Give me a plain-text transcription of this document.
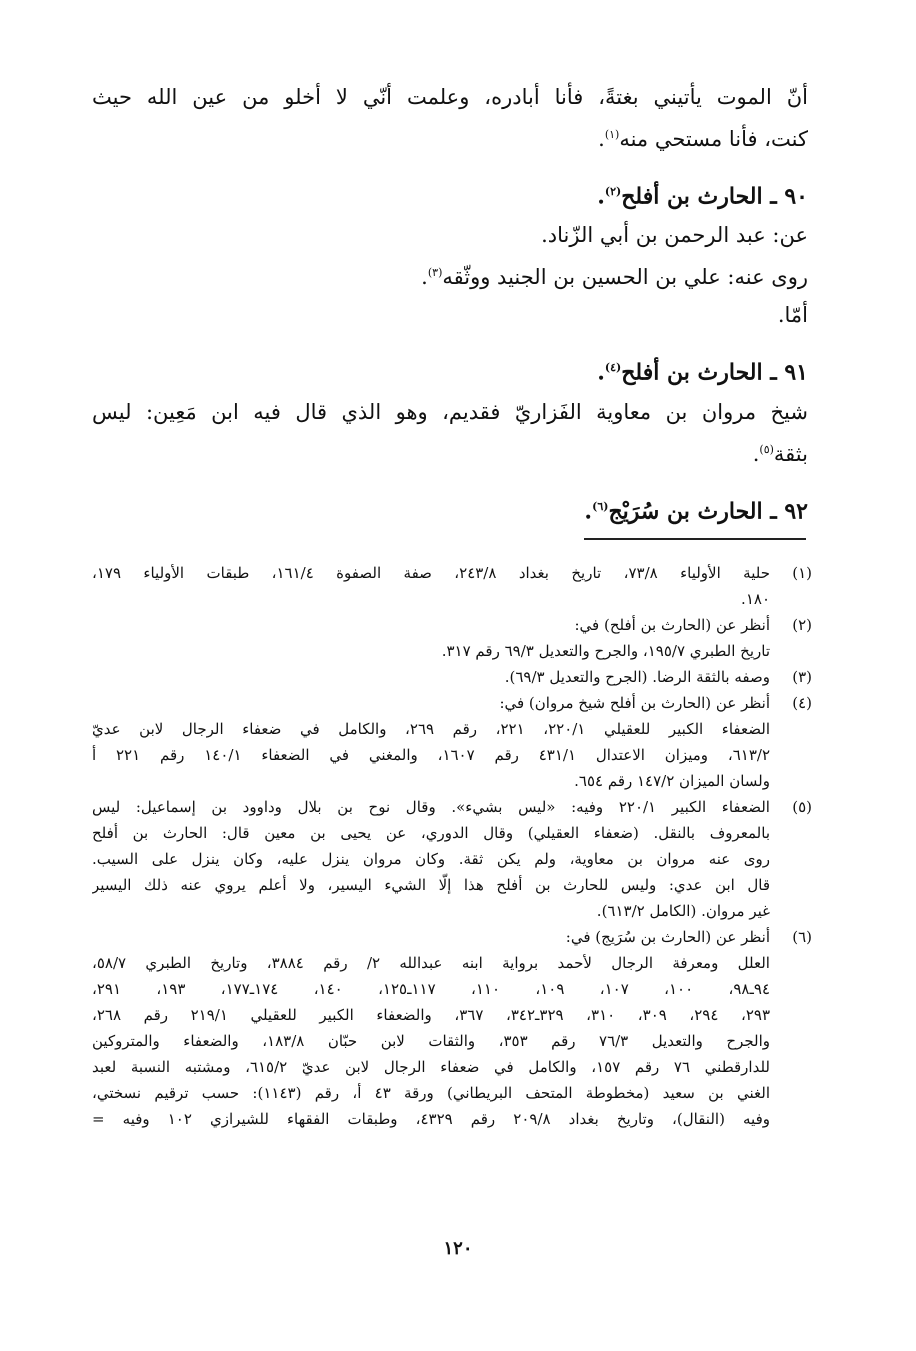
أنّ الموت يأتيني بغتةً، فأنا أبادره، وعلمت أنّي لا أخلو من عين الله حيث
كنت، فأنا مستحي منه$^{(١)}$.
٩٠ ـ الحارث بن أفلح$^{(٢)}$.
عن: عبد الرحمن بن أبي الزّناد.
روى عنه: علي بن الحسين بن الجنيد ووثّقه$^{(٣)}$.
أمّا.
٩١ ـ الحارث بن أفلح$^{(٤)}$.
شيخ مروان بن معاوية الفَزاريّ فقديم، وهو الذي قال فيه ابن مَعِين: ليس
بثقة$^{(٥)}$.
٩٢ ـ الحارث بن سُرَيْج$^{(٦)}$.
(١)
حلية الأولياء ٧٣/٨، تاريخ بغداد ٢٤٣/٨، صفة الصفوة ١٦١/٤، طبقات الأولياء ١٧٩،
١٨٠.
(٢)
أنظر عن (الحارث بن أفلح) في:
تاريخ الطبري ١٩٥/٧، والجرح والتعديل ٦٩/٣ رقم ٣١٧.
(٣)
وصفه بالثقة الرضا. (الجرح والتعديل ٦٩/٣).
(٤)
أنظر عن (الحارث بن أفلح شيخ مروان) في:
الضعفاء الكبير للعقيلي ٢٢٠/١، ٢٢١، رقم ٢٦٩، والكامل في ضعفاء الرجال لابن عديّ
٦١٣/٢، وميزان الاعتدال ٤٣١/١ رقم ١٦٠٧، والمغني في الضعفاء ١٤٠/١ رقم ٢٢١ أ
ولسان الميزان ١٤٧/٢ رقم ٦٥٤.
(٥)
الضعفاء الكبير ٢٢٠/١ وفيه: «ليس بشيء». وقال نوح بن بلال وداوود بن إسماعيل: ليس
بالمعروف بالنقل. (ضعفاء العقيلي) وقال الدوري، عن يحيى بن معين قال: الحارث بن أفلح
روى عنه مروان بن معاوية، ولم يكن ثقة. وكان مروان ينزل عليه، وكان ينزل على السيب.
قال ابن عدي: وليس للحارث بن أفلح هذا إلّا الشيء اليسير، ولا أعلم يروي عنه ذلك اليسير
غير مروان. (الكامل ٦١٣/٢).
(٦)
أنظر عن (الحارث بن سُرَيج) في:
العلل ومعرفة الرجال لأحمد برواية ابنه عبدالله ٢/ رقم ٣٨٨٤، وتاريخ الطبري ٥٨/٧،
٩٤ـ٩٨، ١٠٠، ١٠٧، ١٠٩، ١١٠، ١١٧ـ١٢٥، ١٤٠، ١٧٤ـ١٧٧، ١٩٣، ٢٩١،
٢٩٣، ٢٩٤، ٣٠٩، ٣١٠، ٣٢٩ـ٣٤٢، ٣٦٧، والضعفاء الكبير للعقيلي ٢١٩/١ رقم ٢٦٨،
والجرح والتعديل ٧٦/٣ رقم ٣٥٣، والثقات لابن حبّان ١٨٣/٨، والضعفاء والمتروكين
للدارقطني ٧٦ رقم ١٥٧، والكامل في ضعفاء الرجال لابن عديّ ٦١٥/٢، ومشتبه النسبة لعبد
الغني بن سعيد (مخطوطة المتحف البريطاني) ورقة ٤٣ أ، رقم (١١٤٣): حسب ترقيم نسختي،
وفيه (النقال)، وتاريخ بغداد ٢٠٩/٨ رقم ٤٣٢٩، وطبقات الفقهاء للشيرازي ١٠٢ وفيه =
١٢٠
